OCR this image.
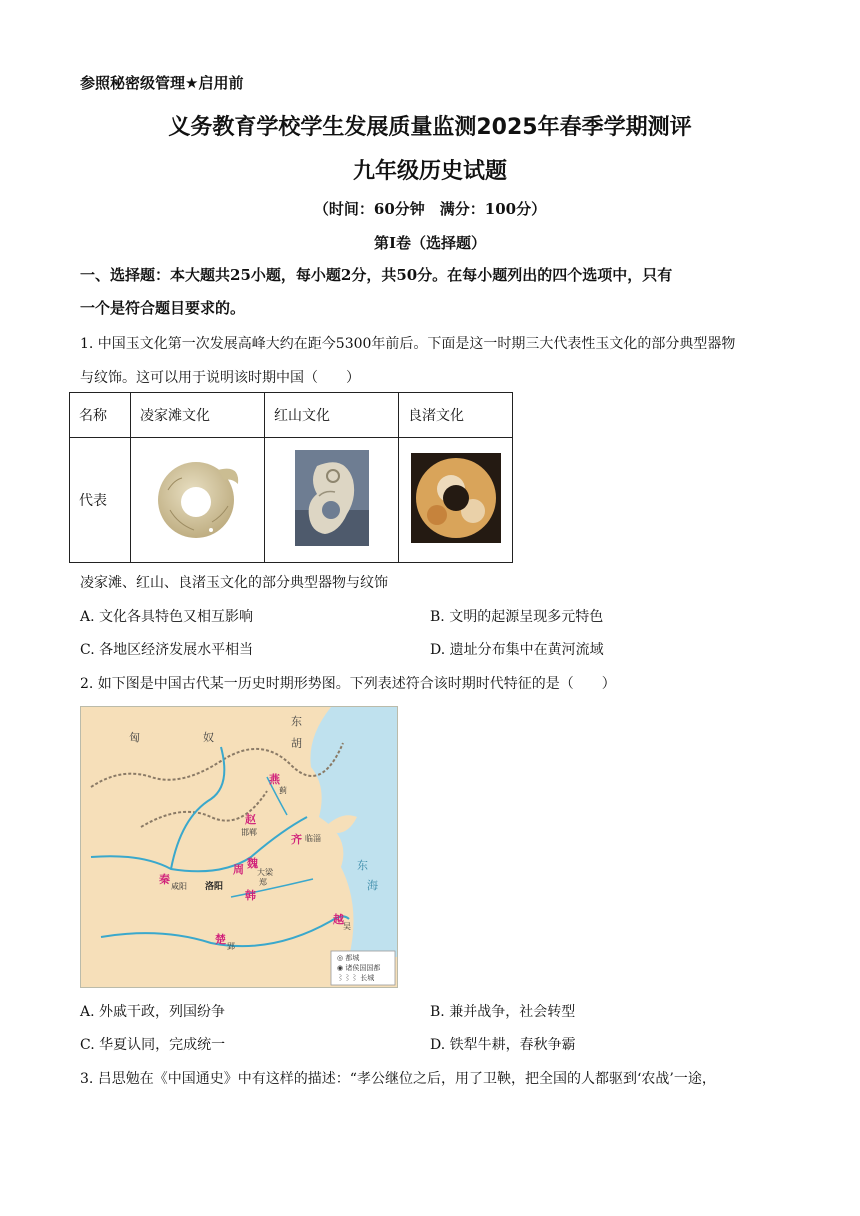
参照秘密级管理★启用前
义务教育学校学生发展质量监测2025年春季学期测评
九年级历史试题
（时间：60分钟　满分：100分）
第Ⅰ卷（选择题）
一、选择题：本大题共25小题，每小题2分，共50分。在每小题列出的四个选项中，只有
一个是符合题目要求的。
1. 中国玉文化第一次发展高峰大约在距今5300年前后。下面是这一时期三大代表性玉文化的部分典型器物
与纹饰。这可以用于说明该时期中国（　　）
名称	凌家滩文化	红山文化	良渚文化
代表			
凌家滩、红山、良渚玉文化的部分典型器物与纹饰
A. 文化各具特色又相互影响	B. 文明的起源呈现多元特色
C. 各地区经济发展水平相当	D. 遗址分布集中在黄河流域
2. 如下图是中国古代某一历史时期形势图。下列表述符合该时期时代特征的是（　　）
东
胡
匈	奴
燕
蓟
赵
邯郸
齐 临淄
魏
大梁
郑
周
洛阳
秦
咸阳
韩
楚
郢
越
吴
东
海
◎ 都城
◉ 诸侯国国都
⌇⌇⌇ 长城
A. 外戚干政，列国纷争	B. 兼并战争，社会转型
C. 华夏认同，完成统一	D. 铁犁牛耕，春秋争霸
3. 吕思勉在《中国通史》中有这样的描述：“孝公继位之后，用了卫鞅，把全国的人都驱到‘农战’一途，
